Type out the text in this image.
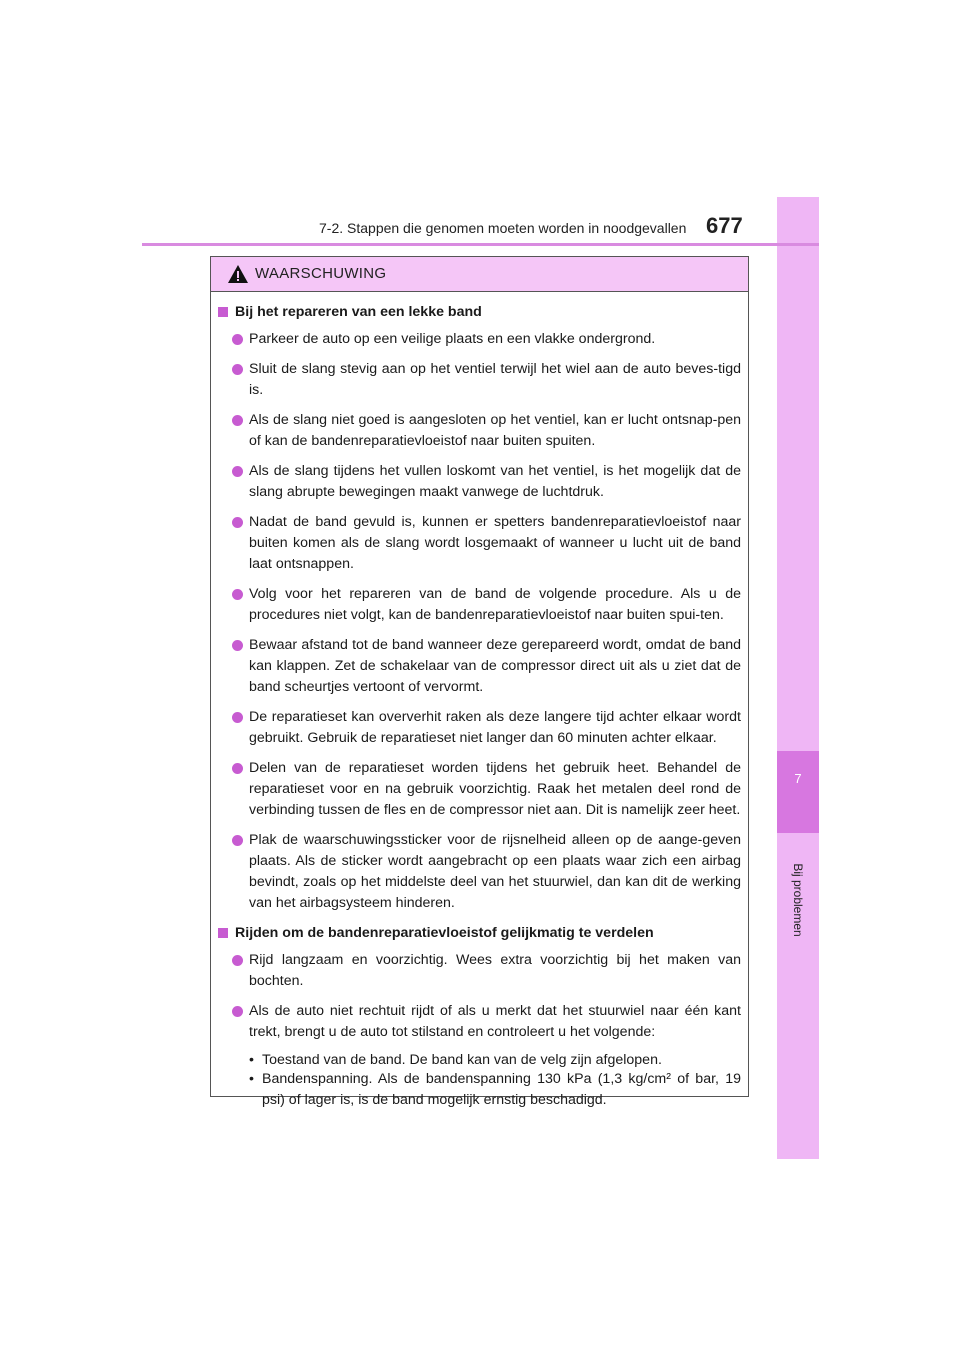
7
Bij problemen
7-2. Stappen die genomen moeten worden in noodgevallen 677
WAARSCHUWING
Bij het repareren van een lekke band
Parkeer de auto op een veilige plaats en een vlakke ondergrond.
Sluit de slang stevig aan op het ventiel terwijl het wiel aan de auto beves-tigd is.
Als de slang niet goed is aangesloten op het ventiel, kan er lucht ontsnap-pen of kan de bandenreparatievloeistof naar buiten spuiten.
Als de slang tijdens het vullen loskomt van het ventiel, is het mogelijk dat de slang abrupte bewegingen maakt vanwege de luchtdruk.
Nadat de band gevuld is, kunnen er spetters bandenreparatievloeistof naar buiten komen als de slang wordt losgemaakt of wanneer u lucht uit de band laat ontsnappen.
Volg voor het repareren van de band de volgende procedure. Als u de procedures niet volgt, kan de bandenreparatievloeistof naar buiten spui-ten.
Bewaar afstand tot de band wanneer deze gerepareerd wordt, omdat de band kan klappen. Zet de schakelaar van de compressor direct uit als u ziet dat de band scheurtjes vertoont of vervormt.
De reparatieset kan oververhit raken als deze langere tijd achter elkaar wordt gebruikt. Gebruik de reparatieset niet langer dan 60 minuten achter elkaar.
Delen van de reparatieset worden tijdens het gebruik heet. Behandel de reparatieset voor en na gebruik voorzichtig. Raak het metalen deel rond de verbinding tussen de fles en de compressor niet aan. Dit is namelijk zeer heet.
Plak de waarschuwingssticker voor de rijsnelheid alleen op de aange-geven plaats. Als de sticker wordt aangebracht op een plaats waar zich een airbag bevindt, zoals op het middelste deel van het stuurwiel, dan kan dit de werking van het airbagsysteem hinderen.
Rijden om de bandenreparatievloeistof gelijkmatig te verdelen
Rijd langzaam en voorzichtig. Wees extra voorzichtig bij het maken van bochten.
Als de auto niet rechtuit rijdt of als u merkt dat het stuurwiel naar één kant trekt, brengt u de auto tot stilstand en controleert u het volgende:
• Toestand van de band. De band kan van de velg zijn afgelopen.
• Bandenspanning. Als de bandenspanning 130 kPa (1,3 kg/cm² of bar, 19 psi) of lager is, is de band mogelijk ernstig beschadigd.
